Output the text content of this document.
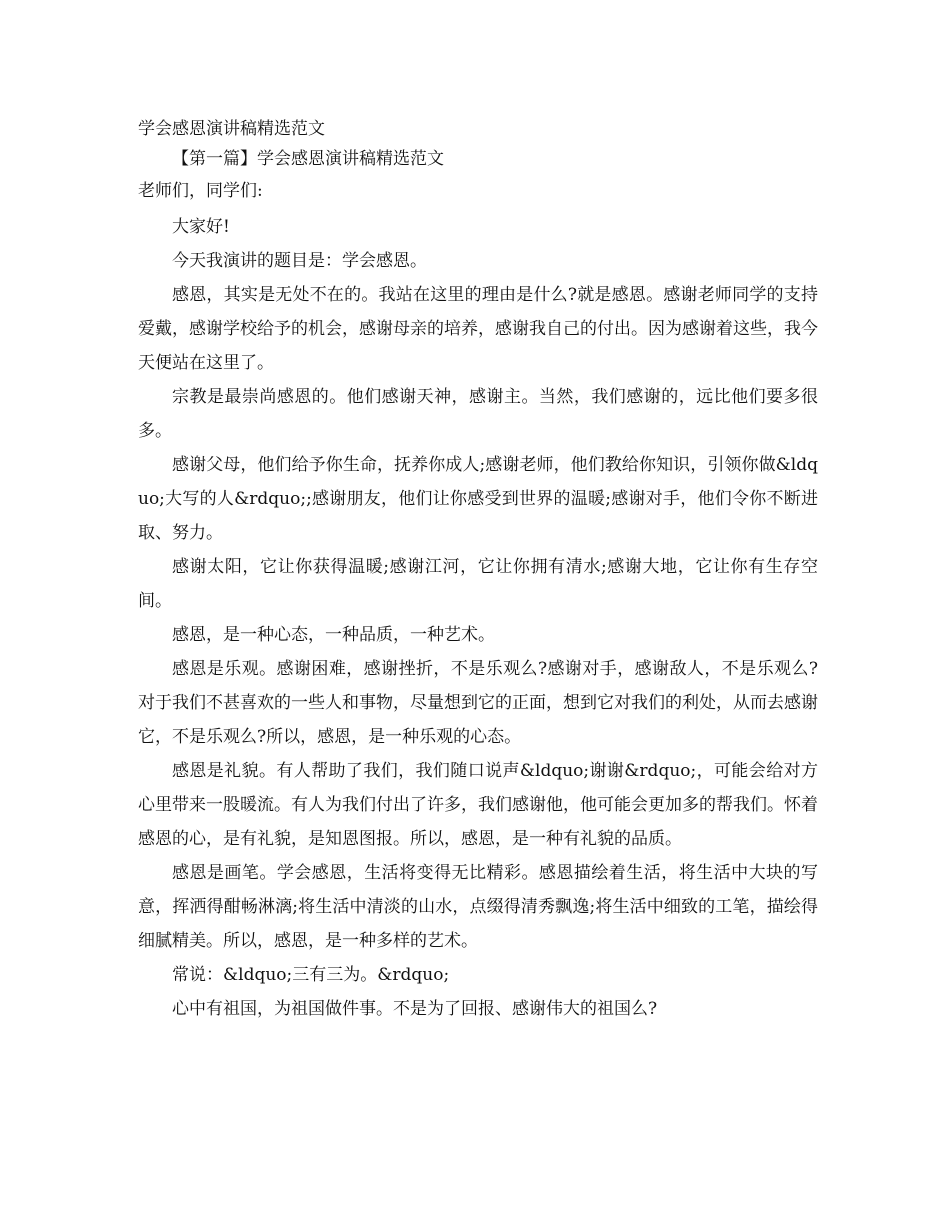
学会感恩演讲稿精选范文
【第一篇】学会感恩演讲稿精选范文
老师们，同学们:

大家好!

今天我演讲的题目是：学会感恩。

感恩，其实是无处不在的。我站在这里的理由是什么?就是感恩。感谢老师同学的支持爱戴，感谢学校给予的机会，感谢母亲的培养，感谢我自己的付出。因为感谢着这些，我今天便站在这里了。

宗教是最崇尚感恩的。他们感谢天神，感谢主。当然，我们感谢的，远比他们要多很多。

感谢父母，他们给予你生命，抚养你成人;感谢老师，他们教给你知识，引领你做&ldquo;大写的人&rdquo;;感谢朋友，他们让你感受到世界的温暖;感谢对手，他们令你不断进取、努力。

感谢太阳，它让你获得温暖;感谢江河，它让你拥有清水;感谢大地，它让你有生存空间。

感恩，是一种心态，一种品质，一种艺术。

感恩是乐观。感谢困难，感谢挫折，不是乐观么?感谢对手，感谢敌人，不是乐观么?对于我们不甚喜欢的一些人和事物，尽量想到它的正面，想到它对我们的利处，从而去感谢它，不是乐观么?所以，感恩，是一种乐观的心态。

感恩是礼貌。有人帮助了我们，我们随口说声&ldquo;谢谢&rdquo;，可能会给对方心里带来一股暖流。有人为我们付出了许多，我们感谢他，他可能会更加多的帮我们。怀着感恩的心，是有礼貌，是知恩图报。所以，感恩，是一种有礼貌的品质。

感恩是画笔。学会感恩，生活将变得无比精彩。感恩描绘着生活，将生活中大块的写意，挥洒得酣畅淋漓;将生活中清淡的山水，点缀得清秀飘逸;将生活中细致的工笔，描绘得细腻精美。所以，感恩，是一种多样的艺术。

常说：&ldquo;三有三为。&rdquo;

心中有祖国，为祖国做件事。不是为了回报、感谢伟大的祖国么?
